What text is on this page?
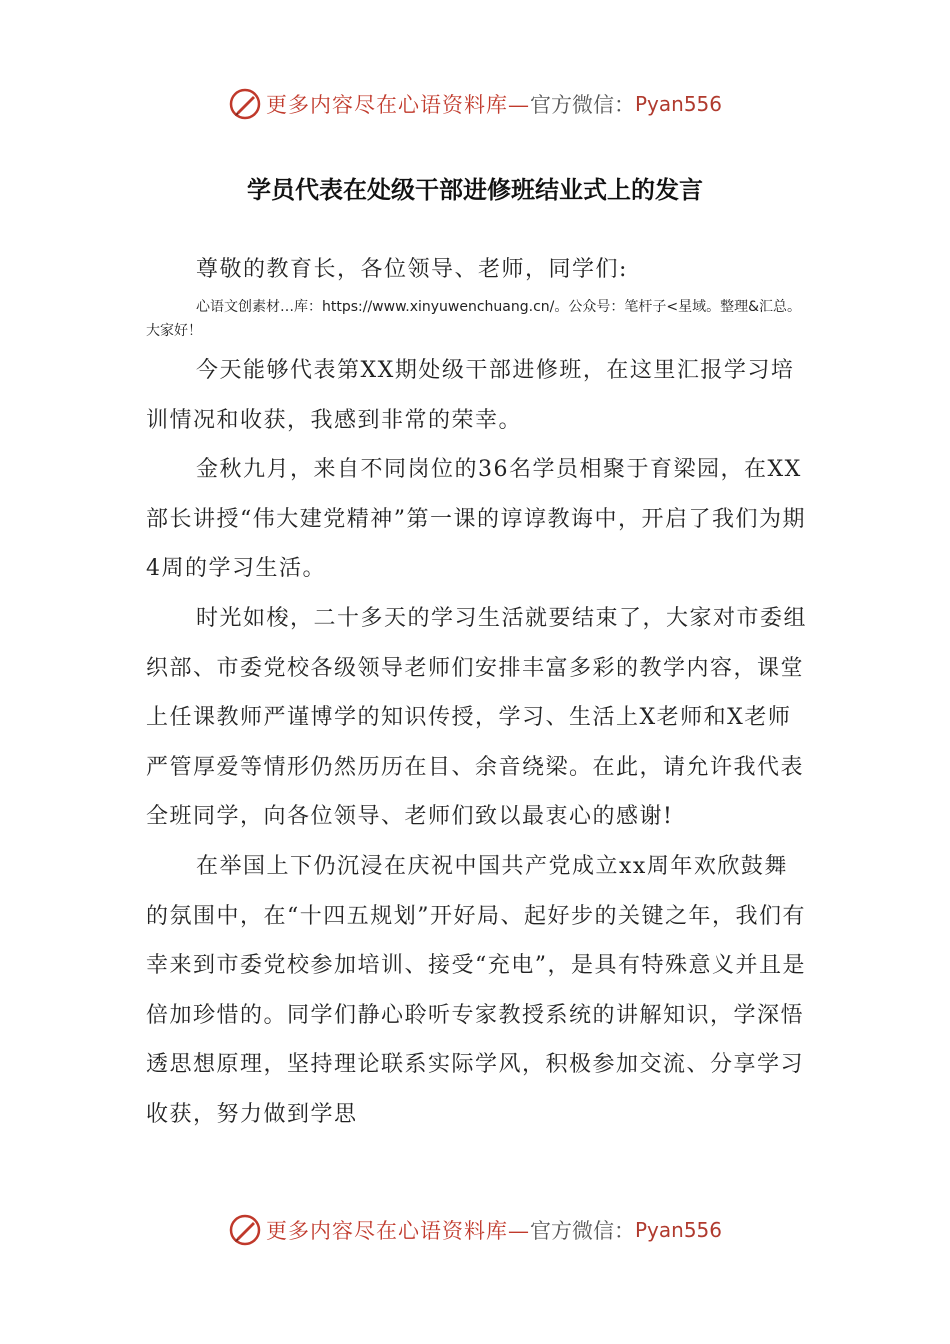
更多内容尽在心语资料库— 官方微信： Pyan556
学员代表在处级干部进修班结业式上的发言
尊敬的教育长，各位领导、老师，同学们:
心语文创素材…库：https://www.xinyuwenchuang.cn/。公众号：笔杆子<星域。整理&汇总。大家好！

今天能够代表第XX期处级干部进修班，在这里汇报学习培训情况和收获，我感到非常的荣幸。

金秋九月，来自不同岗位的36名学员相聚于育梁园，在XX部长讲授“伟大建党精神”第一课的谆谆教诲中，开启了我们为期4周的学习生活。

时光如梭，二十多天的学习生活就要结束了，大家对市委组织部、市委党校各级领导老师们安排丰富多彩的教学内容，课堂上任课教师严谨博学的知识传授，学习、生活上X老师和X老师严管厚爱等情形仍然历历在目、余音绕梁。在此，请允许我代表全班同学，向各位领导、老师们致以最衷心的感谢!

在举国上下仍沉浸在庆祝中国共产党成立xx周年欢欣鼓舞的氛围中，在“十四五规划”开好局、起好步的关键之年，我们有幸来到市委党校参加培训、接受“充电”，是具有特殊意义并且是倍加珍惜的。同学们静心聆听专家教授系统的讲解知识，学深悟透思想原理，坚持理论联系实际学风，积极参加交流、分享学习收获，努力做到学思

更多内容尽在心语资料库— 官方微信： Pyan556
